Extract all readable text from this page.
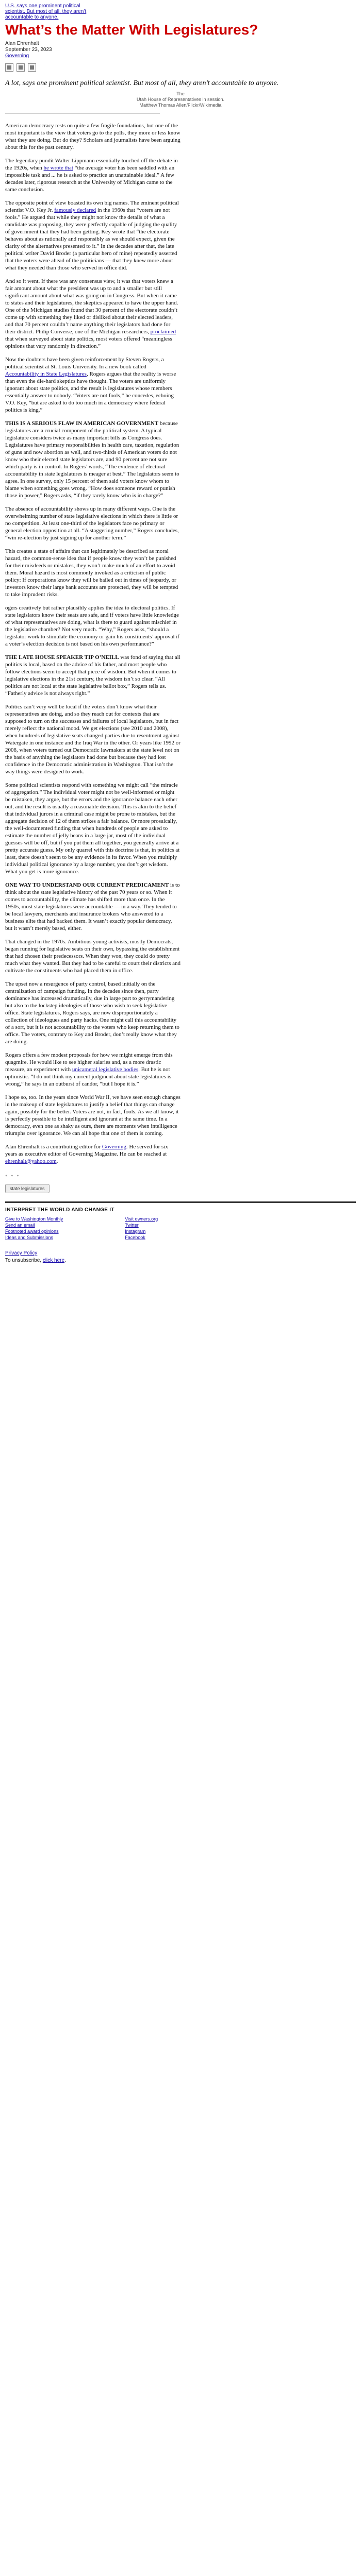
U.S. says one prominent political
scientist. But most of all, they aren’t
accountable to anyone.
What’s the Matter With Legislatures?
Alan Ehrenhalt
September 23, 2023
Governing
A lot, says one prominent political scientist. But most of all, they aren’t accountable to anyone.
The
Utah House of Representatives in session.
Matthew Thomas Allen/Flickr/Wikimedia

American democracy rests on quite a few fragile foundations, but one of the most important is the view that voters go to the polls, they more or less know what they are doing. But do they? Scholars and journalists have been arguing about this for the past century.

The legendary pundit Walter Lippmann essentially touched off the debate in the 1920s, when he wrote that “the average voter has been saddled with an impossible task and ... he is asked to practice an unattainable ideal.” A few decades later, rigorous research at the University of Michigan came to the same conclusion.

The opposite point of view boasted its own big names. The eminent political scientist V.O. Key Jr. famously declared in the 1960s that “voters are not fools.” He argued that while they might not know the details of what a candidate was proposing, they were perfectly capable of judging the quality of government that they had been getting. Key wrote that “the electorate behaves about as rationally and responsibly as we should expect, given the clarity of the alternatives presented to it.” In the decades after that, the late political writer David Broder (a particular hero of mine) repeatedly asserted that the voters were ahead of the politicians — that they knew more about what they needed than those who served in office did.

And so it went. If there was any consensus view, it was that voters knew a fair amount about what the president was up to and a smaller but still significant amount about what was going on in Congress. But when it came to states and their legislatures, the skeptics appeared to have the upper hand. One of the Michigan studies found that 30 percent of the electorate couldn’t come up with something they liked or disliked about their elected leaders, and that 70 percent couldn’t name anything their legislators had done for their district. Philip Converse, one of the Michigan researchers, proclaimed that when surveyed about state politics, most voters offered “meaningless opinions that vary randomly in direction.”

Now the doubters have been given reinforcement by Steven Rogers, a political scientist at St. Louis University. In a new book called Accountability in State Legislatures, Rogers argues that the reality is worse than even the die-hard skeptics have thought. The voters are uniformly ignorant about state politics, and the result is legislatures whose members essentially answer to nobody. “Voters are not fools,” he concedes, echoing V.O. Key, “but are asked to do too much in a democracy where federal politics is king.”

THIS IS A SERIOUS FLAW IN AMERICAN GOVERNMENT because legislatures are a crucial component of the political system. A typical legislature considers twice as many important bills as Congress does. Legislatures have primary responsibilities in health care, taxation, regulation of guns and now abortion as well, and two-thirds of American voters do not know who their elected state legislators are, and 90 percent are not sure which party is in control. In Rogers’ words, “The evidence of electoral accountability in state legislatures is meager at best.” The legislators seem to agree. In one survey, only 15 percent of them said voters know whom to blame when something goes wrong. “How does someone reward or punish those in power,” Rogers asks, “if they rarely know who is in charge?”

The absence of accountability shows up in many different ways. One is the overwhelming number of state legislative elections in which there is little or no competition. At least one-third of the legislators face no primary or general election opposition at all. “A staggering number,” Rogers concludes, “win re-election by just signing up for another term.”

This creates a state of affairs that can legitimately be described as moral hazard, the common-sense idea that if people know they won’t be punished for their misdeeds or mistakes, they won’t make much of an effort to avoid them. Moral hazard is most commonly invoked as a criticism of public policy: If corporations know they will be bailed out in times of jeopardy, or investors know their large bank accounts are protected, they will be tempted to take imprudent risks.

ogers creatively but rather plausibly applies the idea to electoral politics. If state legislators know their seats are safe, and if voters have little knowledge of what representatives are doing, what is there to guard against mischief in the legislative chamber? Not very much. “Why,” Rogers asks, “should a legislator work to stimulate the economy or gain his constituents’ approval if a voter’s election decision is not based on his own performance?”

THE LATE HOUSE SPEAKER TIP O’NEILL was fond of saying that all politics is local, based on the advice of his father, and most people who follow elections seem to accept that piece of wisdom. But when it comes to legislative elections in the 21st century, the wisdom isn’t so clear. “All politics are not local at the state legislative ballot box,” Rogers tells us. “Fatherly advice is not always right.”

Politics can’t very well be local if the voters don’t know what their representatives are doing, and so they reach out for contexts that are supposed to turn on the successes and failures of local legislators, but in fact merely reflect the national mood. We get elections (see 2010 and 2008), when hundreds of legislative seats changed parties due to resentment against Watergate in one instance and the Iraq War in the other. Or years like 1992 or 2008, when voters turned out Democratic lawmakers at the state level not on the basis of anything the legislators had done but because they had lost confidence in the Democratic administration in Washington. That isn’t the way things were designed to work.

Some political scientists respond with something we might call “the miracle of aggregation.” The individual voter might not be well-informed or might be mistaken, they argue, but the errors and the ignorance balance each other out, and the result is usually a reasonable decision. This is akin to the belief that individual jurors in a criminal case might be prone to mistakes, but the aggregate decision of 12 of them strikes a fair balance. Or more prosaically, the well-documented finding that when hundreds of people are asked to estimate the number of jelly beans in a large jar, most of the individual guesses will be off, but if you put them all together, you generally arrive at a pretty accurate guess. My only quarrel with this doctrine is that, in politics at least, there doesn’t seem to be any evidence in its favor. When you multiply individual political ignorance by a large number, you don’t get wisdom. What you get is more ignorance.

ONE WAY TO UNDERSTAND OUR CURRENT PREDICAMENT is to think about the state legislative history of the past 70 years or so. When it comes to accountability, the climate has shifted more than once. In the 1950s, most state legislatures were accountable — in a way. They tended to be local lawyers, merchants and insurance brokers who answered to a business elite that had backed them. It wasn’t exactly popular democracy, but it wasn’t merely based, either.

That changed in the 1970s. Ambitious young activists, mostly Democrats, began running for legislative seats on their own, bypassing the establishment that had chosen their predecessors. When they won, they could do pretty much what they wanted. But they had to be careful to court their districts and cultivate the constituents who had placed them in office.

The upset now a resurgence of party control, based initially on the centralization of campaign funding. In the decades since then, party dominance has increased dramatically, due in large part to gerrymandering but also to the lockstep ideologies of those who wish to seek legislative office. State legislatures, Rogers says, are now disproportionately a collection of ideologues and party hacks. One might call this accountability of a sort, but it is not accountability to the voters who keep returning them to office. The voters, contrary to Key and Broder, don’t really know what they are doing.

Rogers offers a few modest proposals for how we might emerge from this quagmire. He would like to see higher salaries and, as a more drastic measure, an experiment with unicameral legislative bodies. But he is not optimistic. “I do not think my current judgment about state legislatures is wrong,” he says in an outburst of candor, “but I hope it is.”

I hope so, too. In the years since World War II, we have seen enough changes in the makeup of state legislatures to justify a belief that things can change again, possibly for the better. Voters are not, in fact, fools. As we all know, it is perfectly possible to be intelligent and ignorant at the same time. In a democracy, even one as shaky as ours, there are moments when intelligence triumphs over ignorance. We can all hope that one of them is coming.

Alan Ehrenhalt is a contributing editor for Governing. He served for six years as executive editor of Governing Magazine. He can be reached at ehrenhalt@yahoo.com.

• • •
state legislatures
INTERPRET THE WORLD AND CHANGE IT
Give to Washington Monthly
Send an email
Footnoted award opinions
Ideas and Submissions
Visit owners.org
Twitter
Instagram
Facebook
Privacy Policy
To unsubscribe, click here.
